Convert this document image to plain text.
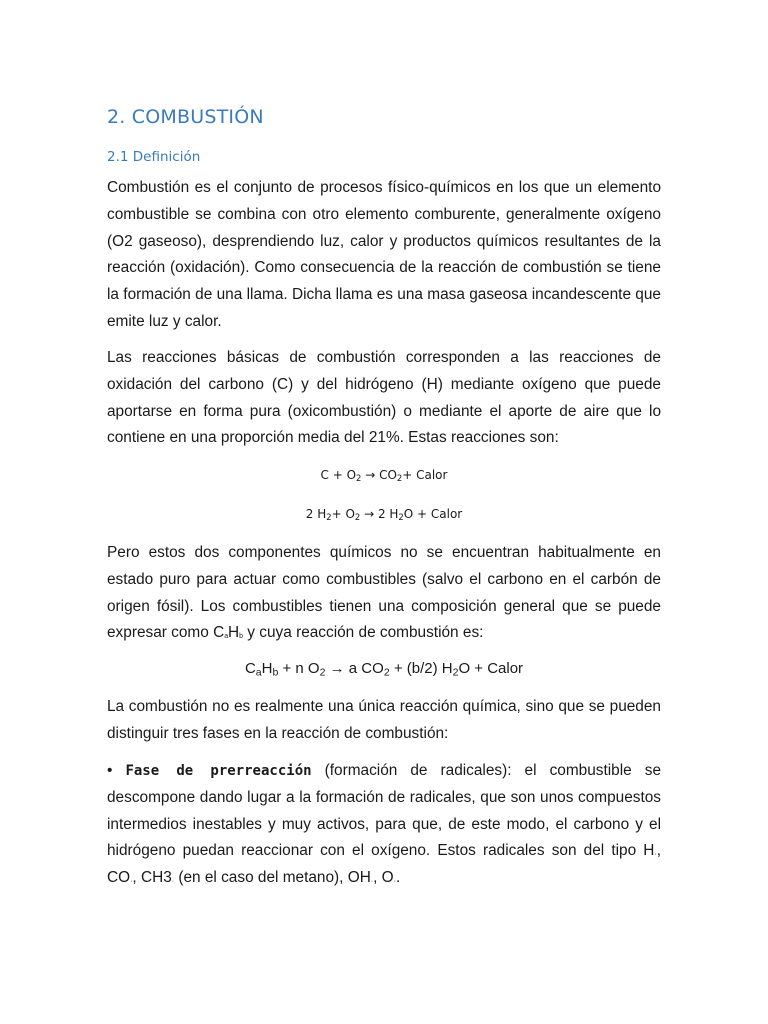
2. COMBUSTIÓN
2.1 Definición
Combustión es el conjunto de procesos físico-químicos en los que un elemento combustible se combina con otro elemento comburente, generalmente oxígeno (O2 gaseoso), desprendiendo luz, calor y productos químicos resultantes de la reacción (oxidación). Como consecuencia de la reacción de combustión se tiene la formación de una llama. Dicha llama es una masa gaseosa incandescente que emite luz y calor.
Las reacciones básicas de combustión corresponden a las reacciones de oxidación del carbono (C) y del hidrógeno (H) mediante oxígeno que puede aportarse en forma pura (oxicombustión) o mediante el aporte de aire que lo contiene en una proporción media del 21%. Estas reacciones son:
$C + O_2 \to CO_2+$ Calor
2 $H_2+ O_2 \to 2$ $H_2O$ + Calor
Pero estos dos componentes químicos no se encuentran habitualmente en estado puro para actuar como combustibles (salvo el carbono en el carbón de origen fósil). Los combustibles tienen una composición general que se puede expresar como CaHb y cuya reacción de combustión es:
$C_aH_b + n$ $O_2 \to a$ $CO_2 + (b/2) H_2O$ + Calor
La combustión no es realmente una única reacción química, sino que se pueden distinguir tres fases en la reacción de combustión:
• Fase de prerreacción (formación de radicales): el combustible se descompone dando lugar a la formación de radicales, que son unos compuestos intermedios inestables y muy activos, para que, de este modo, el carbono y el hidrógeno puedan reaccionar con el oxígeno. Estos radicales son del tipo H·, CO·, CH3· (en el caso del metano), OH·, O·.
